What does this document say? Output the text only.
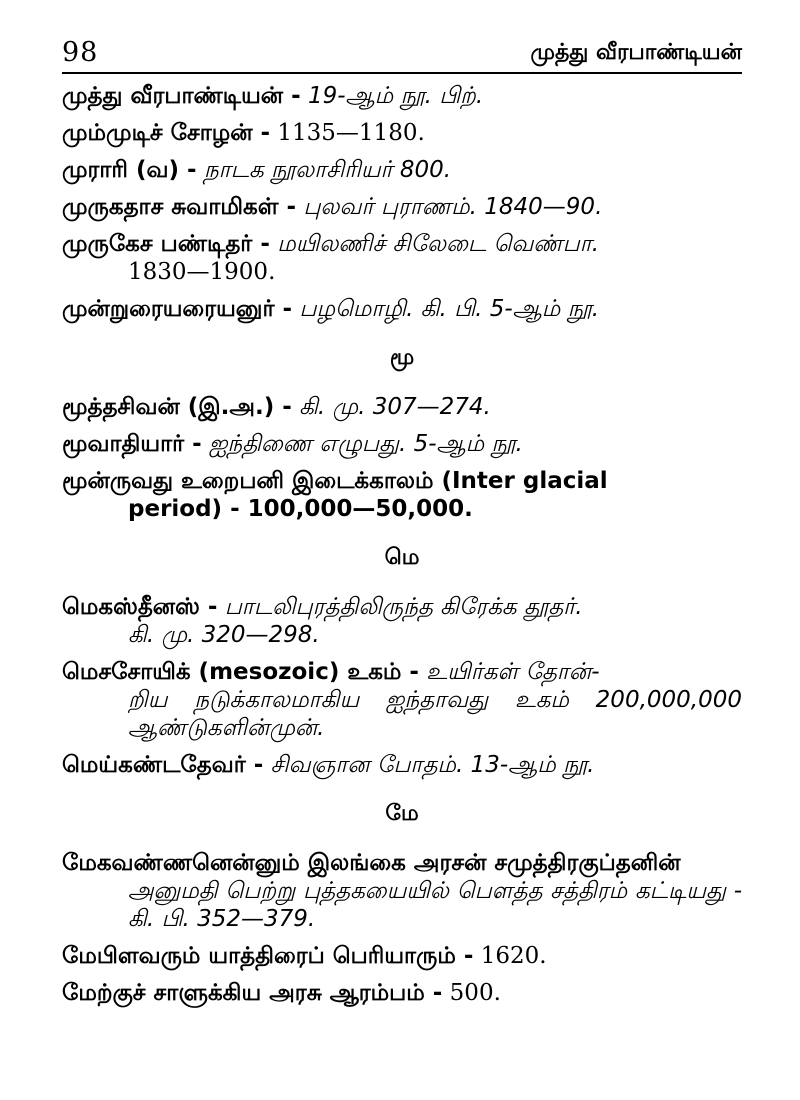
98	முத்து வீரபாண்டியன்
முத்து வீரபாண்டியன் - 19-ஆம் நூ. பிற்.
மும்முடிச் சோழன் - 1135—1180.
முராரி (வ) - நாடக நூலாசிரியர் 800.
முருகதாச சுவாமிகள் - புலவர் புராணம். 1840—90.
முருகேச பண்டிதர் - மயிலணிச் சிலேடை வெண்பா.
1830—1900.
முன்றுரையரையனுர் - பழமொழி. கி. பி. 5-ஆம் நூ.
மூ
மூத்தசிவன் (இ.அ.) - கி. மு. 307—274.
மூவாதியார் - ஐந்திணை எழுபது. 5-ஆம் நூ.
மூன்ருவது உறைபனி இடைக்காலம் (Inter glacial
period) - 100,000—50,000.
மெ
மெகஸ்தீனஸ் - பாடலிபுரத்திலிருந்த கிரேக்க தூதர்.
கி. மு. 320—298.
மெசசோயிக் (mesozoic) உகம் - உயிர்கள் தோன்-
றிய நடுக்காலமாகிய ஐந்தாவது உகம் 200,000,000 ஆண்டுகளின்முன்.
மெய்கண்டதேவர் - சிவஞான போதம். 13-ஆம் நூ.
மே
மேகவண்ணனென்னும் இலங்கை அரசன் சமுத்திரகுப்தனின்
அனுமதி பெற்று புத்தகயையில் பௌத்த சத்திரம் கட்டியது - கி. பி. 352—379.
மேபிளவரும் யாத்திரைப் பெரியாரும் - 1620.
மேற்குச் சாளுக்கிய அரசு ஆரம்பம் - 500.
